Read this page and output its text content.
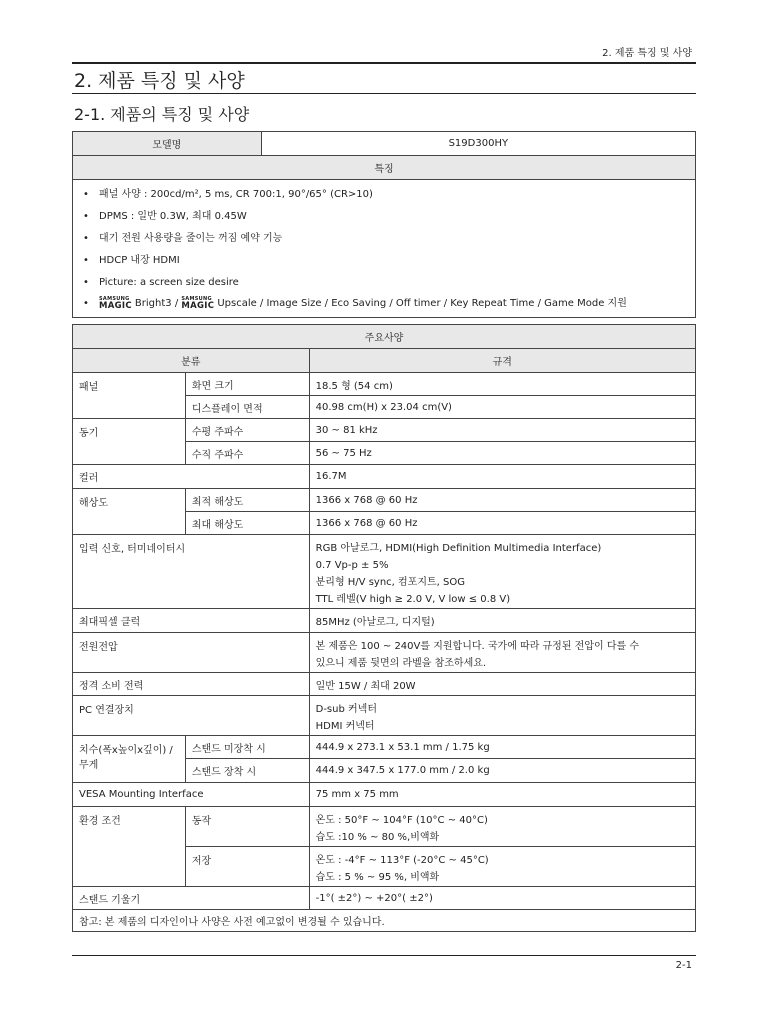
2. 제품 특징 및 사양
2. 제품 특징 및 사양
2-1. 제품의 특징 및 사양
모델명	S19D300HY
특징

• 패널 사양 : 200cd/m², 5 ms, CR 700:1, 90°/65° (CR>10)
• DPMS : 일반 0.3W, 최대 0.45W
• 대기 전원 사용량을 줄이는 꺼짐 예약 기능
• HDCP 내장 HDMI
• Picture: a screen size desire
• SAMSUNG
MAGIC Bright3 / SAMSUNG
MAGIC Upscale / Image Size / Eco Saving / Off timer / Key Repeat Time / Game Mode 지원
주요사양		
분류		규격
패널	화면 크기	18.5 형 (54 cm)
	디스플레이 면적	40.98 cm(H) x 23.04 cm(V)
동기	수평 주파수	30 ~ 81 kHz
	수직 주파수	56 ~ 75 Hz
컬러		16.7M
해상도	최적 해상도	1366 x 768 @ 60 Hz
	최대 해상도	1366 x 768 @ 60 Hz
입력 신호, 터미네이터시		RGB 아날로그, HDMI(High Definition Multimedia Interface)
0.7 Vp-p ± 5%
분리형 H/V sync, 컴포지트, SOG
TTL 레벨(V high ≥ 2.0 V, V low ≤ 0.8 V)

최대픽셀 클럭		85MHz (아날로그, 디지털)
전원전압		본 제품은 100 ~ 240V를 지원합니다. 국가에 따라 규정된 전압이 다를 수
있으니 제품 뒷면의 라벨을 참조하세요.

정격 소비 전력		일반 15W / 최대 20W
PC 연결장치		D-sub 커넥터
HDMI 커넥터

치수(폭x높이x깊이) / 무게	스탠드 미장착 시	444.9 x 273.1 x 53.1 mm / 1.75 kg
	스탠드 장착 시	444.9 x 347.5 x 177.0 mm / 2.0 kg
VESA Mounting Interface		75 mm x 75 mm
환경 조건	동작	온도 : 50°F ~ 104°F (10°C ~ 40°C)
습도 :10 % ~ 80 %,비액화

	저장	온도 : -4°F ~ 113°F (-20°C ~ 45°C)
습도 : 5 % ~ 95 %, 비액화

스탠드 기울기		-1°( ±2°) ~ +20°( ±2°)
참고: 본 제품의 디자인이나 사양은 사전 예고없이 변경될 수 있습니다.		
2-1
